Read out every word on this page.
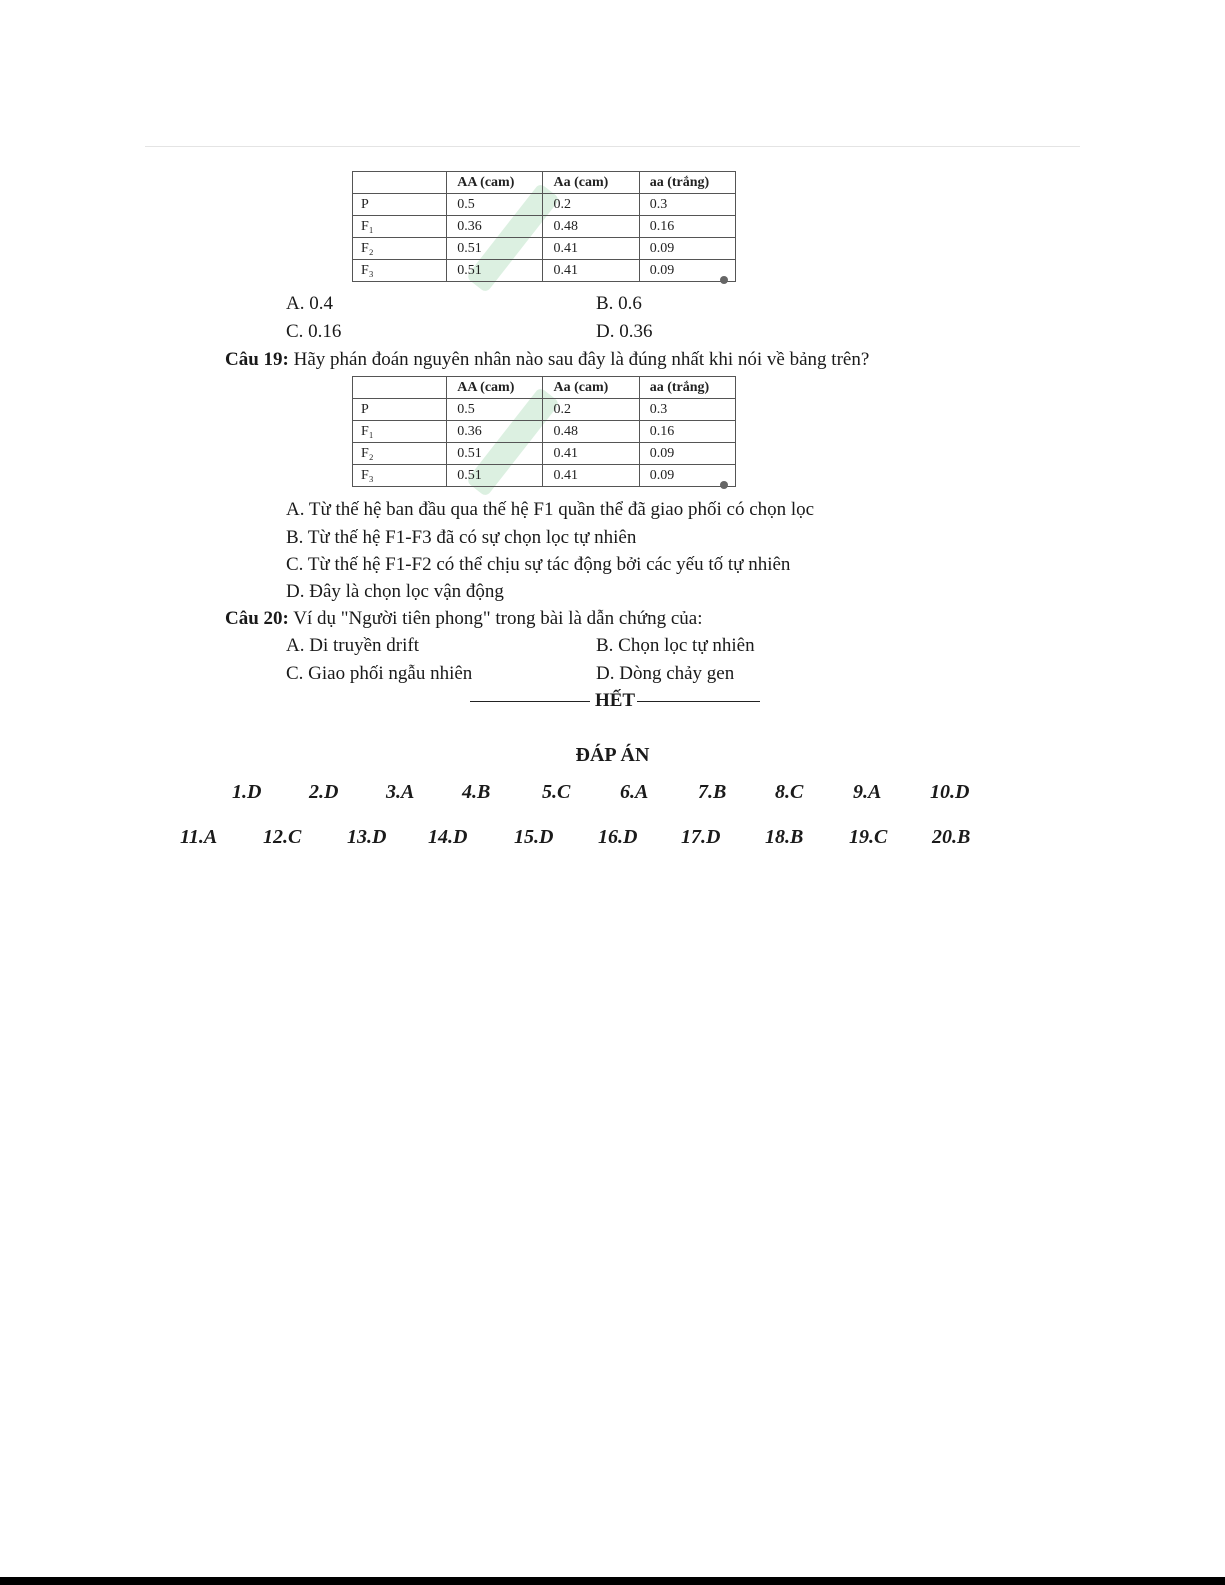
	AA (cam)	Aa (cam)	aa (trắng)
P	0.5	0.2	0.3
F₁	0.36	0.48	0.16
F₂	0.51	0.41	0.09
F₃	0.51	0.41	0.09
A. 0.4	B. 0.6
C. 0.16	D. 0.36
Câu 19: Hãy phán đoán nguyên nhân nào sau đây là đúng nhất khi nói về bảng trên?
	AA (cam)	Aa (cam)	aa (trắng)
P	0.5	0.2	0.3
F₁	0.36	0.48	0.16
F₂	0.51	0.41	0.09
F₃	0.51	0.41	0.09
A. Từ thế hệ ban đầu qua thế hệ F1 quần thể đã giao phối có chọn lọc
B. Từ thế hệ F1-F3 đã có sự chọn lọc tự nhiên
C. Từ thế hệ F1-F2 có thể chịu sự tác động bởi các yếu tố tự nhiên
D. Đây là chọn lọc vận động
Câu 20: Ví dụ "Người tiên phong" trong bài là dẫn chứng của:
A. Di truyền drift	B. Chọn lọc tự nhiên
C. Giao phối ngẫu nhiên	D. Dòng chảy gen
HẾT
ĐÁP ÁN
1.D 2.D 3.A 4.B	5.C 6.A 7.B 8.C 9.A 10.D
11.A 12.C 13.D 14.D 15.D 16.D 17.D 18.B 19.C 20.B
